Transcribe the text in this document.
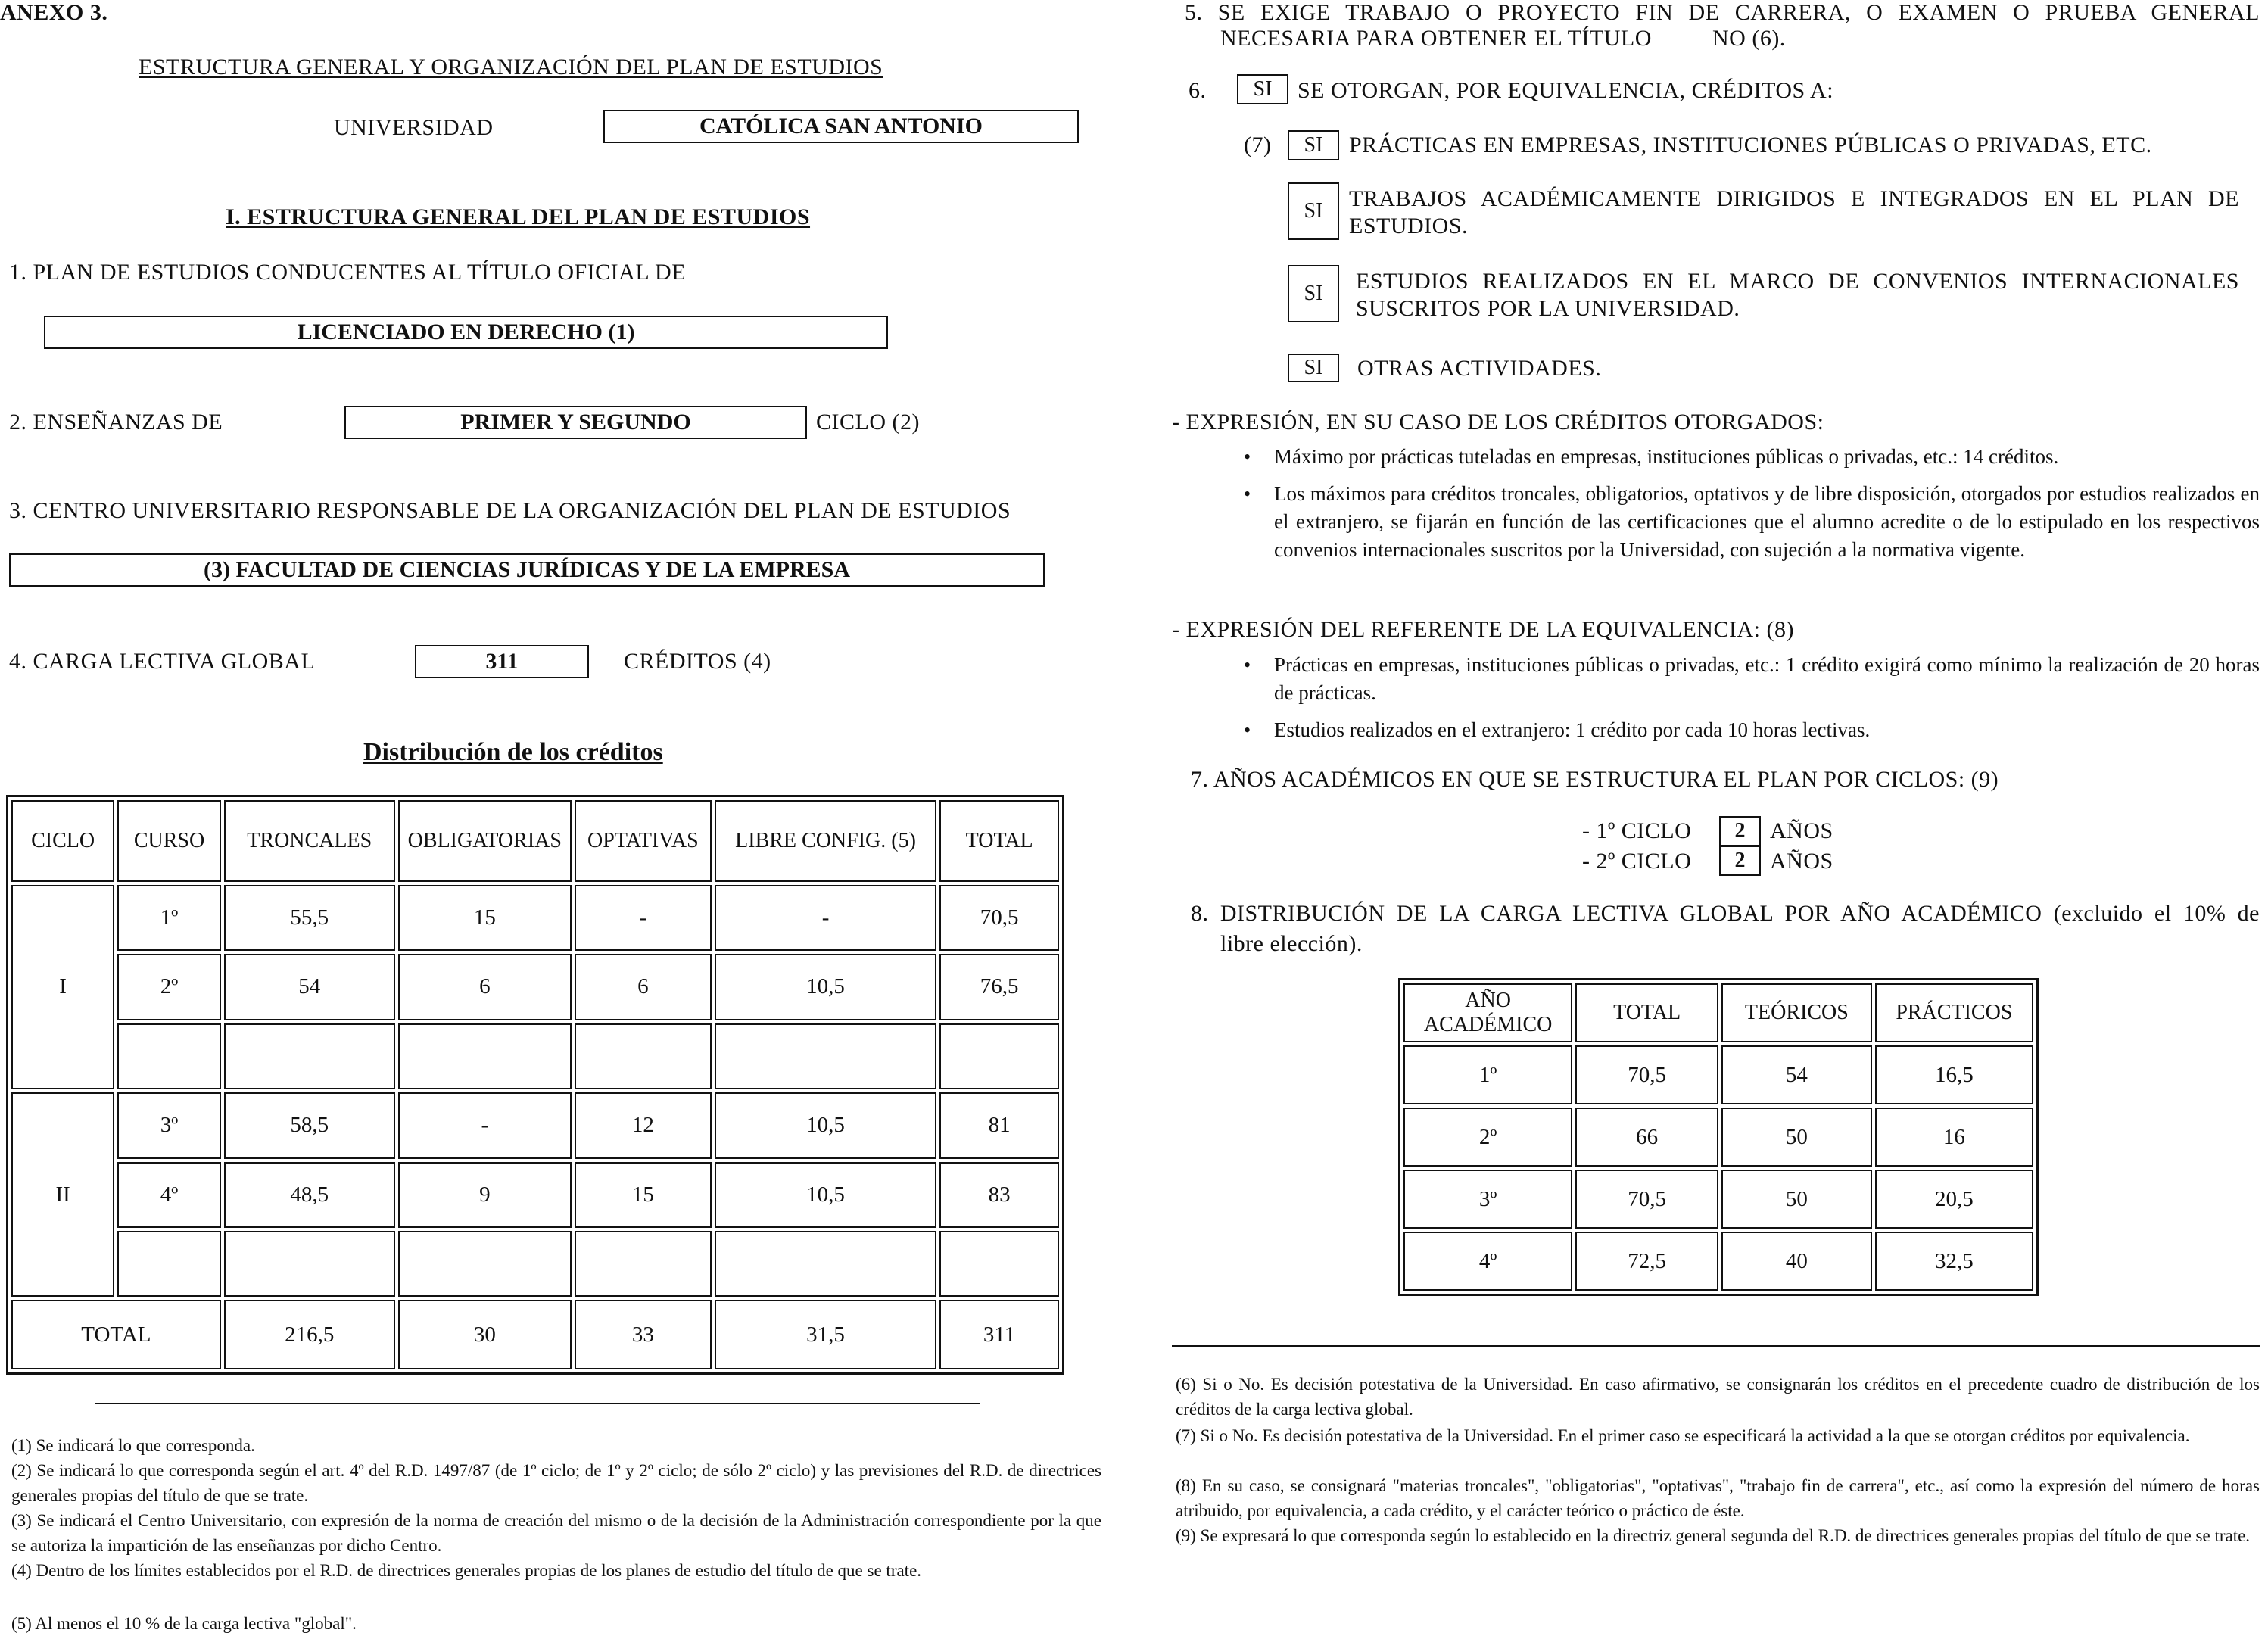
ANEXO 3.
ESTRUCTURA GENERAL Y ORGANIZACIÓN DEL PLAN DE ESTUDIOS
UNIVERSIDAD	CATÓLICA SAN ANTONIO
I. ESTRUCTURA GENERAL DEL PLAN DE ESTUDIOS
1. PLAN DE ESTUDIOS CONDUCENTES AL TÍTULO OFICIAL DE
LICENCIADO EN DERECHO (1)
2. ENSEÑANZAS DE	PRIMER Y SEGUNDO	CICLO (2)
3. CENTRO UNIVERSITARIO RESPONSABLE DE LA ORGANIZACIÓN DEL PLAN DE ESTUDIOS
(3) FACULTAD DE CIENCIAS JURÍDICAS Y DE LA EMPRESA
4. CARGA LECTIVA GLOBAL	311	CRÉDITOS (4)
Distribución de los créditos
CICLO	CURSO	TRONCALES	OBLIGATORIAS	OPTATIVAS	LIBRE CONFIG. (5)	TOTAL
I	1º	55,5	15	-	-	70,5
	2º	54	6	6	10,5	76,5

II	3º	58,5	-	12	10,5	81
	4º	48,5	9	15	10,5	83

TOTAL		216,5	30	33	31,5	311
(1) Se indicará lo que corresponda.
(2) Se indicará lo que corresponda según el art. 4º del R.D. 1497/87 (de 1º ciclo; de 1º y 2º ciclo; de sólo 2º ciclo) y las previsiones del R.D. de directrices generales propias del título de que se trate.
(3) Se indicará el Centro Universitario, con expresión de la norma de creación del mismo o de la decisión de la Administración correspondiente por la que se autoriza la impartición de las enseñanzas por dicho Centro.
(4) Dentro de los límites establecidos por el R.D. de directrices generales propias de los planes de estudio del título de que se trate.
(5) Al menos el 10 % de la carga lectiva "global".
5. SE EXIGE TRABAJO O PROYECTO FIN DE CARRERA, O EXAMEN O PRUEBA GENERAL
NECESARIA PARA OBTENER EL TÍTULO	NO (6).
6.	SI	SE OTORGAN, POR EQUIVALENCIA, CRÉDITOS A:
(7)	SI	PRÁCTICAS EN EMPRESAS, INSTITUCIONES PÚBLICAS O PRIVADAS, ETC.
SI	TRABAJOS ACADÉMICAMENTE DIRIGIDOS E INTEGRADOS EN EL PLAN DE ESTUDIOS.
SI	ESTUDIOS REALIZADOS EN EL MARCO DE CONVENIOS INTERNACIONALES SUSCRITOS POR LA UNIVERSIDAD.
SI	OTRAS ACTIVIDADES.
- EXPRESIÓN, EN SU CASO DE LOS CRÉDITOS OTORGADOS:
• Máximo por prácticas tuteladas en empresas, instituciones públicas o privadas, etc.: 14 créditos.
• Los máximos para créditos troncales, obligatorios, optativos y de libre disposición, otorgados por estudios realizados en el extranjero, se fijarán en función de las certificaciones que el alumno acredite o de lo estipulado en los respectivos convenios internacionales suscritos por la Universidad, con sujeción a la normativa vigente.
- EXPRESIÓN DEL REFERENTE DE LA EQUIVALENCIA: (8)
• Prácticas en empresas, instituciones públicas o privadas, etc.: 1 crédito exigirá como mínimo la realización de 20 horas de prácticas.
• Estudios realizados en el extranjero: 1 crédito por cada 10 horas lectivas.
7. AÑOS ACADÉMICOS EN QUE SE ESTRUCTURA EL PLAN POR CICLOS: (9)
- 1º CICLO	2	AÑOS
- 2º CICLO	2	AÑOS
8. DISTRIBUCIÓN DE LA CARGA LECTIVA GLOBAL POR AÑO ACADÉMICO (excluido el 10% de
libre elección).
AÑO ACADÉMICO	TOTAL	TEÓRICOS	PRÁCTICOS
1º	70,5	54	16,5
2º	66	50	16
3º	70,5	50	20,5
4º	72,5	40	32,5
(6) Si o No. Es decisión potestativa de la Universidad. En caso afirmativo, se consignarán los créditos en el precedente cuadro de distribución de los créditos de la carga lectiva global.
(7) Si o No. Es decisión potestativa de la Universidad. En el primer caso se especificará la actividad a la que se otorgan créditos por equivalencia.
(8) En su caso, se consignará "materias troncales", "obligatorias", "optativas", "trabajo fin de carrera", etc., así como la expresión del número de horas atribuido, por equivalencia, a cada crédito, y el carácter teórico o práctico de éste.
(9) Se expresará lo que corresponda según lo establecido en la directriz general segunda del R.D. de directrices generales propias del título de que se trate.
